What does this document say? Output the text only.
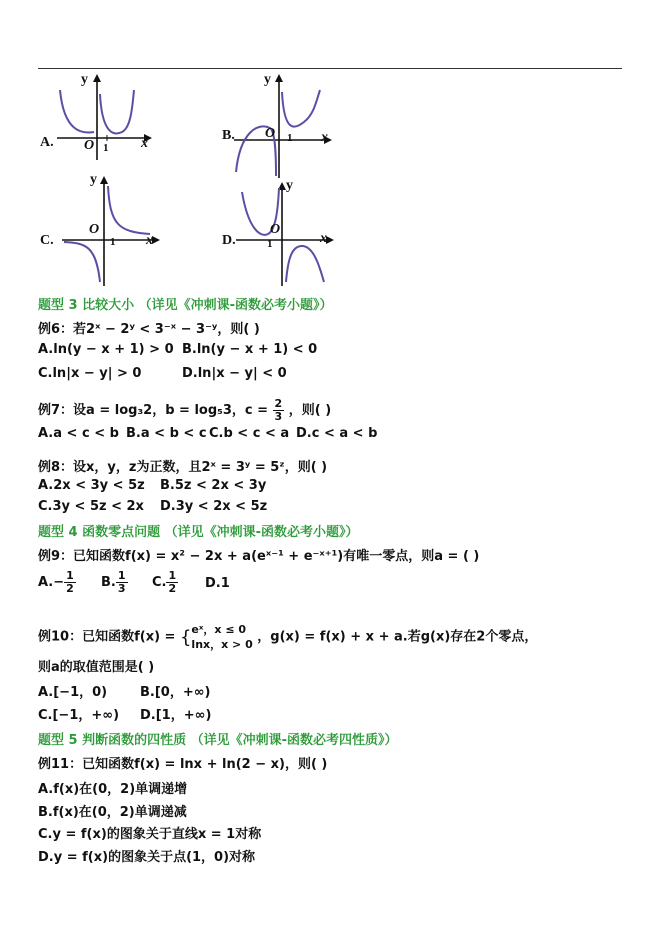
A.
y
x
O 1
B.
y
x
O 1
C.
y
x
O
1	D.
y
x
O
1
题型 3 比较大小 （详见《冲刺课-函数必考小题》）
例6：若2ˣ − 2ʸ < 3⁻ˣ − 3⁻ʸ，则( )
A.ln(y − x + 1) > 0 B.ln(y − x + 1) < 0
C.ln|x − y| > 0	D.ln|x − y| < 0
例7：设a = log₃2，b = log₅3，$c = \frac{2}{3}$ ，则( )
A.a < c < b B.a < b < c C.b < c < a D.c < a < b
例8：设x，y，z为正数，且2ˣ = 3ʸ = 5ᶻ，则( )
A.2x < 3y < 5z B.5z < 2x < 3y
C.3y < 5z < 2x D.3y < 2x < 5z
题型 4 函数零点问题 （详见《冲刺课-函数必考小题》）
例9：已知函数f(x) = x² − 2x + a(eˣ⁻¹ + e⁻ˣ⁺¹)有唯一零点，则a = ( )
$A.- \frac{1}{2} B$. $\frac{1}{3} C$. $\frac{1}{2} D.1$
例10：已知函数f(x) = { eˣ，x ≤ 0
lnx，x > 0 ，g(x) = f(x) + x + a.若g(x)存在2个零点，
则a的取值范围是( )
A.[−1，0)	B.[0，+∞)
C.[−1，+∞) D.[1，+∞)
题型 5 判断函数的四性质 （详见《冲刺课-函数必考四性质》）
例11：已知函数f(x) = lnx + ln(2 − x)，则( )
A.f(x)在(0，2)单调递增
B.f(x)在(0，2)单调递减
C.y = f(x)的图象关于直线x = 1对称
D.y = f(x)的图象关于点(1，0)对称
